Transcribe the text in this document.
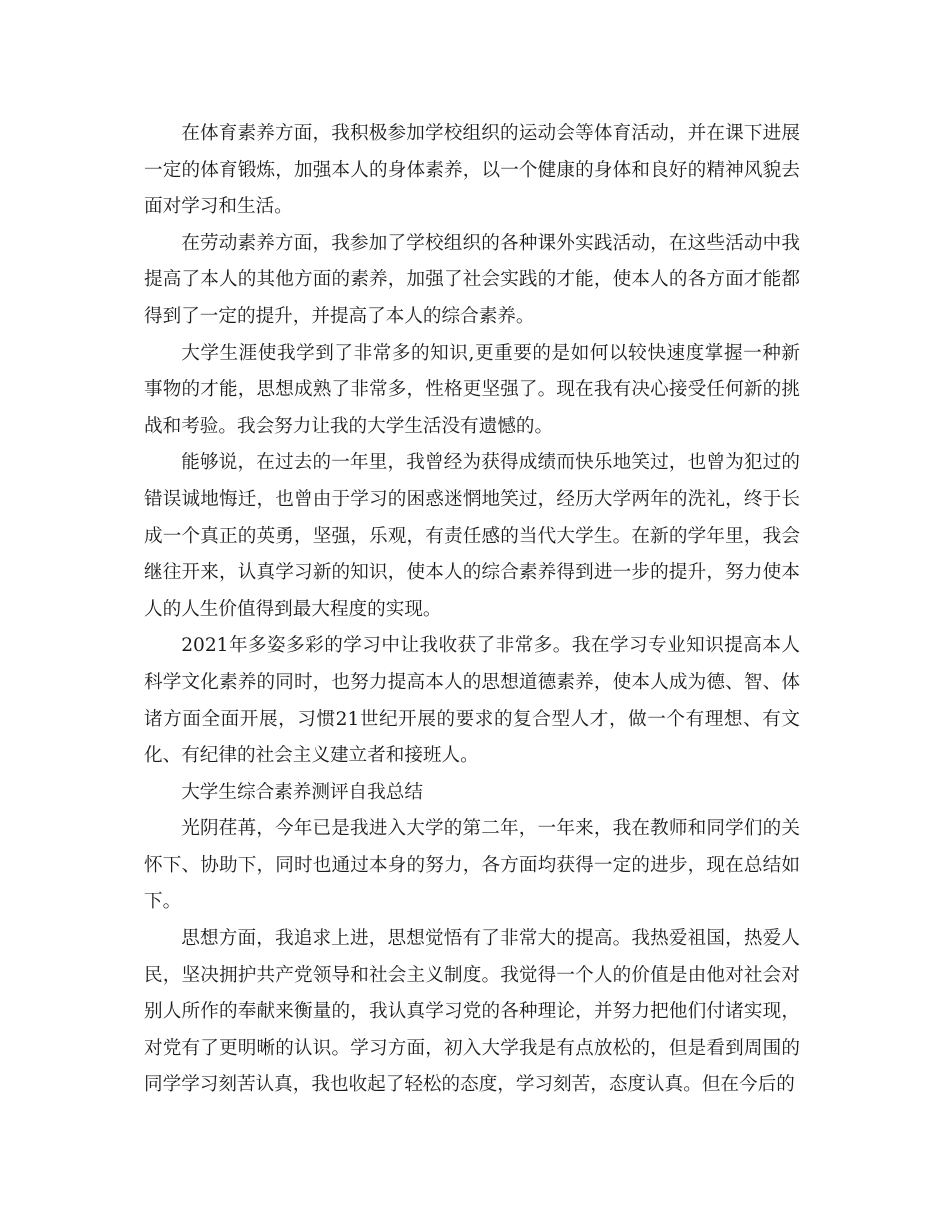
在体育素养方面，我积极参加学校组织的运动会等体育活动，并在课下进展一定的体育锻炼，加强本人的身体素养，以一个健康的身体和良好的精神风貌去面对学习和生活。

在劳动素养方面，我参加了学校组织的各种课外实践活动，在这些活动中我提高了本人的其他方面的素养，加强了社会实践的才能，使本人的各方面才能都得到了一定的提升，并提高了本人的综合素养。

大学生涯使我学到了非常多的知识,更重要的是如何以较快速度掌握一种新事物的才能，思想成熟了非常多，性格更坚强了。现在我有决心接受任何新的挑战和考验。我会努力让我的大学生活没有遗憾的。

能够说，在过去的一年里，我曾经为获得成绩而快乐地笑过，也曾为犯过的错误诚地悔迁，也曾由于学习的困惑迷惘地笑过，经历大学两年的洗礼，终于长成一个真正的英勇，坚强，乐观，有责任感的当代大学生。在新的学年里，我会继往开来，认真学习新的知识，使本人的综合素养得到进一步的提升，努力使本人的人生价值得到最大程度的实现。

2021年多姿多彩的学习中让我收获了非常多。我在学习专业知识提高本人科学文化素养的同时，也努力提高本人的思想道德素养，使本人成为德、智、体诸方面全面开展，习惯21世纪开展的要求的复合型人才，做一个有理想、有文化、有纪律的社会主义建立者和接班人。

大学生综合素养测评自我总结

光阴荏苒，今年已是我进入大学的第二年，一年来，我在教师和同学们的关怀下、协助下，同时也通过本身的努力，各方面均获得一定的进步，现在总结如下。

思想方面，我追求上进，思想觉悟有了非常大的提高。我热爱祖国，热爱人民，坚决拥护共产党领导和社会主义制度。我觉得一个人的价值是由他对社会对别人所作的奉献来衡量的，我认真学习党的各种理论，并努力把他们付诸实现，对党有了更明晰的认识。学习方面，初入大学我是有点放松的，但是看到周围的同学学习刻苦认真，我也收起了轻松的态度，学习刻苦，态度认真。但在今后的
